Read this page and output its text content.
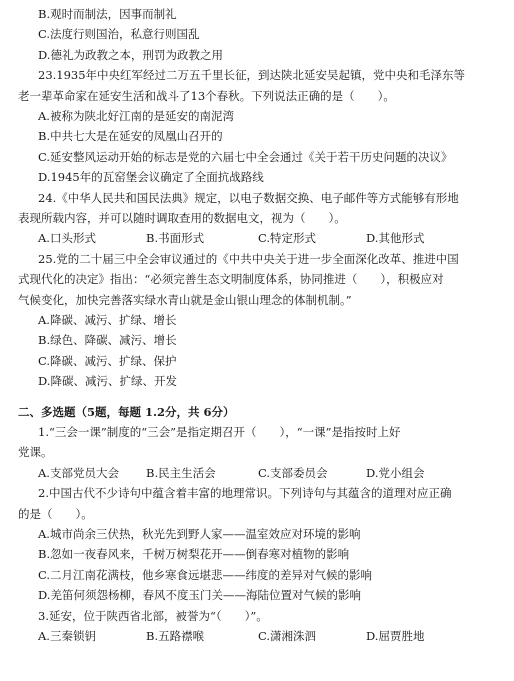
B.观时而制法，因事而制礼
C.法度行则国治，私意行则国乱
D.德礼为政教之本，刑罚为政教之用
23.1935年中央红军经过二万五千里长征，到达陕北延安吴起镇，党中央和毛泽东等
老一辈革命家在延安生活和战斗了13个春秋。下列说法正确的是（　　）。
A.被称为陕北好江南的是延安的南泥湾
B.中共七大是在延安的凤凰山召开的
C.延安整风运动开始的标志是党的六届七中全会通过《关于若干历史问题的决议》
D.1945年的瓦窑堡会议确定了全面抗战路线
24.《中华人民共和国民法典》规定，以电子数据交换、电子邮件等方式能够有形地
表现所载内容，并可以随时调取查用的数据电文，视为（　　）。
A.口头形式	B.书面形式	C.特定形式	D.其他形式
25.党的二十届三中全会审议通过的《中共中央关于进一步全面深化改革、推进中国
式现代化的决定》指出：“必须完善生态文明制度体系，协同推进（　　），积极应对
气候变化，加快完善落实绿水青山就是金山银山理念的体制机制。”
A.降碳、减污、扩绿、增长
B.绿色、降碳、减污、增长
C.降碳、减污、扩绿、保护
D.降碳、减污、扩绿、开发
二、多选题（5题，每题 1.2分，共 6分）
1.“三会一课”制度的“三会”是指定期召开（　　），“一课”是指按时上好
党课。
A.支部党员大会 B.民主生活会	C.支部委员会	D.党小组会
2.中国古代不少诗句中蕴含着丰富的地理常识。下列诗句与其蕴含的道理对应正确
的是（　　）。
A.城市尚余三伏热，秋光先到野人家——温室效应对环境的影响
B.忽如一夜春风来，千树万树梨花开——倒春寒对植物的影响
C.二月江南花满枝，他乡寒食远堪悲——纬度的差异对气候的影响
D.羌笛何须怨杨柳，春风不度玉门关——海陆位置对气候的影响
3.延安，位于陕西省北部，被誉为“（　　）”。
A.三秦锁钥	B.五路襟喉	C.潇湘洙泗	D.屈贾胜地
